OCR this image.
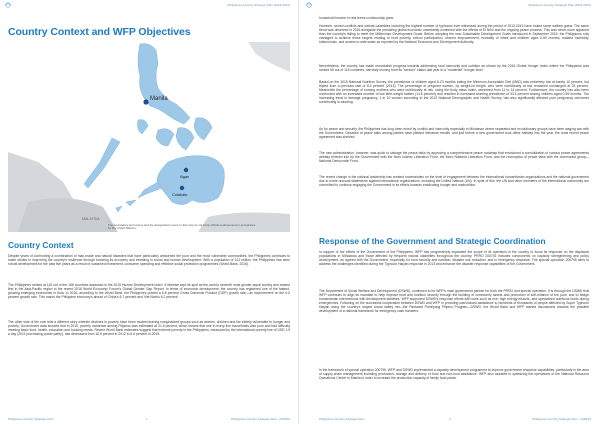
Philippines Country Strategic Plan (2018-2019)
Country Context and WFP Objectives
Manila
Iligan
Cotabato
MALAYSIA
The boundaries and names and the designations used on this map do not imply official endorsement or acceptance by the United Nations.
Country Context

Despite years of confronting a combination of man-made and natural disasters that have particularly weakened the poor and the most vulnerable communities, the Philippines continues to make strides in improving the country's resilience through boosting its economy and investing in social and human development. With a population of 101 million, the Philippines has seen robust development for the past five years as a result of sustained investment, consumer spending and effective social protection programmes (World Bank, 2016).

The Philippines ranked at 115 out of the 188 countries assessed in the 2015 Human Development Index. It likewise kept its spot as the world's seventh most gender-equal society and ranked first in the Asia-Pacific region in the recent 2016 World Economic Forum's Global Gender Gap Report. In terms of economic development, the country has registered one of the fastest-growing emerging economies in Asia. In 2016, according to the World Bank, the Philippines posted a 6.8 percent Gross Domestic Product (GDP) growth rate—an improvement on the 6.0 percent growth rate. This marks the Philippine economy's ahead of China's 6.7 percent and Viet Nam's 6.2 percent.

The other side of the coin tells a different story wherein declines in poverty have been modest leaving marginalized groups such as women, children and the elderly vulnerable to hunger and poverty. Government data showed that in 2015, poverty incidence among Filipinos was estimated at 21.6 percent, which means that one in every five households was poor and had difficulty meeting basic food, health, education and housing needs. Recent World Bank estimates suggest that extreme poverty in the Philippines, measured by the international poverty line of USD 1.9 a day (2011 purchasing power parity), has decreased from 10.6 percent in 2012 to 6.6 percent in 2015.

Philippines Country Strategic Plan	1	Philippines Country Strategic Plan - 2018/19
Philippines Country Strategic Plan (2018-2019)

household income in real terms continuously grew.

However, armed conflicts and natural calamities including the highest number of typhoons ever witnessed during the period of 2013-2015 have muted some welfare gains. The same trend was observed in 2016 alongside the persisting global economic uncertainty combined with the effects of El Niño and the ongoing peace process. This was never more apparent than the country's failing to meet the Millennium Development Goals. Before adopting the new Sustainable Development Goals introduced in September 2015, the Philippines only managed to achieve those targets relating to food poverty, school participation, women empowerment, mortality of infant and children aged 0-59 months, malaria morbidity, tuberculosis, and access to safe water as reported by the National Economic and Development Authority.

Nevertheless, the country has made remarkable progress towards addressing food insecurity and nutrition as shown by the 2016 Global Hunger Index where the Philippines was ranked 56 out of 118 countries, narrowly moving from its "serious" status last year to a "moderate" hunger level.

Based on the 2015 National Nutrition Survey, the prevalence of children aged 6-23 months eating the Minimum Acceptable Diet (MAD) was extremely low at barely 10 percent, but tripled from a previous rate of 6.4 percent (2013). The percentage of pregnant women, by weight-for-height, who were nutritionally at risk remained unchanged at 25 percent. Meanwhile the percentage of nursing mothers who were nutritionally at risk, using the body mass index, worsened from 11 to 14 percent. Furthermore, the country has also been confronted with an increased number of low birth-weight babies (14.6 percent) and resulted in increased stunting prevalence of 33.4 percent among children aged 0-59 months. The increasing trend in teenage pregnancy, 1 in 10 women according to the 2013 National Demographic and Health Survey, has also significantly affected poor pregnancy outcomes contributing to stunting.

As for peace and security, the Philippines has long been mired by conflict and insecurity especially in Mindanao where separatist and revolutionary groups have been waging war with the Government. Decades of peace talks among parties have yielded immature results, and just before a new government took office halfway into the year, the most recent peace agreement was shelved.

The new administration, however, was quick to salvage the peace talks by approving a comprehensive peace roadmap that envisioned a consolidation of various peace agreements already entered into by the Government with the Moro Islamic Liberation Front, the Moro National Liberation Front, and the resumption of peace talks with the communist group—National Democratic Front.

The recent change in the national leadership has created uncertainties on the level of engagement between the international humanitarian organizations and the national government due to some unusual statements against international organizations, including the United Nations (UN). In spite of this, the UN and other members of the international community are committed to continue engaging the Government in its efforts towards eradicating hunger and malnutrition.

Response of the Government and Strategic Coordination

In support of the efforts of the Government of the Philippines, WFP has progressively expanded the scope of its operation in the country to focus its response on the displaced populations in Mindanao and those affected by frequent natural calamities throughout the country. PRRO 200743 includes components on capacity strengthening and policy development, as agreed with the Government, especially for food security and nutrition; disaster risk reduction; and in emergency response. The special operation 200795 aims to address the challenges identified during the Typhoon Haiyan response in 2013 and enhance the disaster response capabilities of the Government.

The Department of Social Welfare and Development (DSWD), continued to be WFP's main government partner for both the PRRO and special operation. It is through the DSWD that WFP continues to align its mandate to help improve food and nutrition security through the building of community assets and promotion of self-reliance of the poor, and to bridge humanitarian interventions with development activities. WFP supported DSWD's response efforts with tools such as rice, high energy biscuits, and specialized nutritious foods during emergencies. Following on the successful cooperation between DSWD and WFP in providing cash-based assistance to hundreds of thousands of people affected by Super Typhoon Haiyan using the country's largest social safety net—the Pantawid Pamilyang Pilipino Program—DSWD, the World Bank and WFP started discussions towards the possible development of a national framework for emergency cash transfers.

In the framework of special operation 200795, WFP and DSWD implemented a capacity development programme to improve government response capabilities, particularly in the area of supply-chain management including production, storage and delivery of food and non-food assistance. WFP also assisted in optimizing the operations of the National Resource Operations Center in Manila in order to increase the production capacity of family food packs.

Philippines Country Strategic Plan	2	Philippines Country Strategic Plan - 2018/19
